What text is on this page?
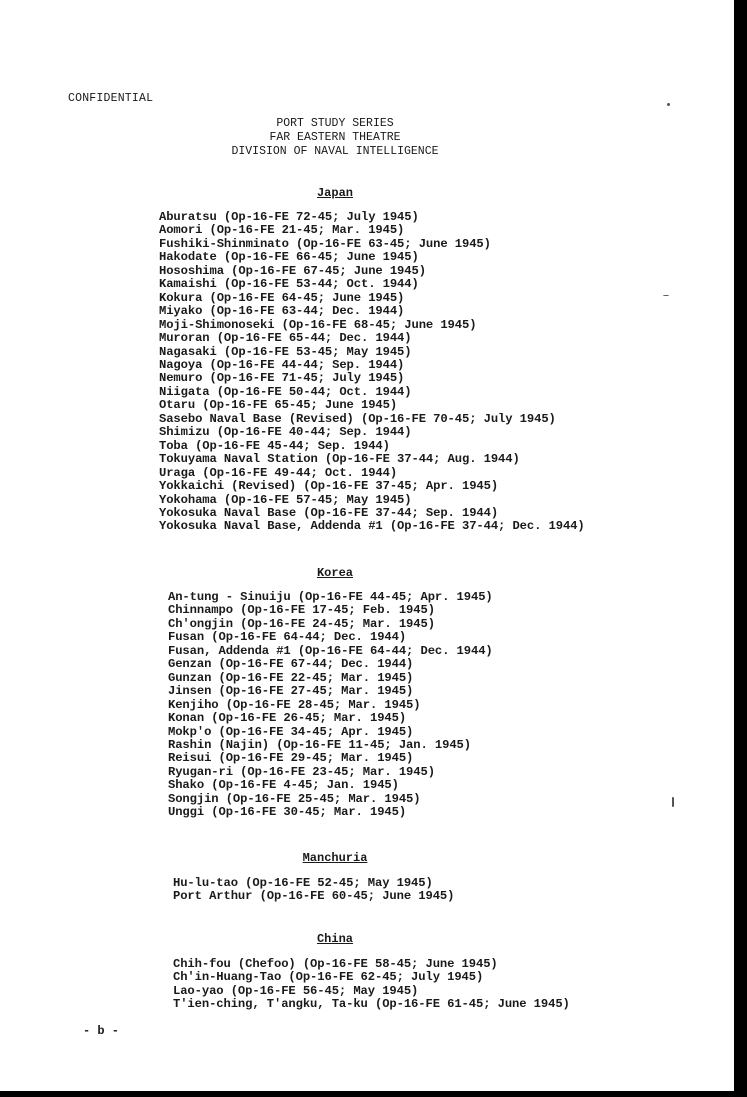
CONFIDENTIAL
PORT STUDY SERIES
FAR EASTERN THEATRE
DIVISION OF NAVAL INTELLIGENCE
Japan
Aburatsu (Op-16-FE 72-45; July 1945)
Aomori (Op-16-FE 21-45; Mar. 1945)
Fushiki-Shinminato (Op-16-FE 63-45; June 1945)
Hakodate (Op-16-FE 66-45; June 1945)
Hososhima (Op-16-FE 67-45; June 1945)
Kamaishi (Op-16-FE 53-44; Oct. 1944)
Kokura (Op-16-FE 64-45; June 1945)
Miyako (Op-16-FE 63-44; Dec. 1944)
Moji-Shimonoseki (Op-16-FE 68-45; June 1945)
Muroran (Op-16-FE 65-44; Dec. 1944)
Nagasaki (Op-16-FE 53-45; May 1945)
Nagoya (Op-16-FE 44-44; Sep. 1944)
Nemuro (Op-16-FE 71-45; July 1945)
Niigata (Op-16-FE 50-44; Oct. 1944)
Otaru (Op-16-FE 65-45; June 1945)
Sasebo Naval Base (Revised) (Op-16-FE 70-45; July 1945)
Shimizu (Op-16-FE 40-44; Sep. 1944)
Toba (Op-16-FE 45-44; Sep. 1944)
Tokuyama Naval Station (Op-16-FE 37-44; Aug. 1944)
Uraga (Op-16-FE 49-44; Oct. 1944)
Yokkaichi (Revised) (Op-16-FE 37-45; Apr. 1945)
Yokohama (Op-16-FE 57-45; May 1945)
Yokosuka Naval Base (Op-16-FE 37-44; Sep. 1944)
Yokosuka Naval Base, Addenda #1 (Op-16-FE 37-44; Dec. 1944)
Korea
An-tung - Sinuiju (Op-16-FE 44-45; Apr. 1945)
Chinnampo (Op-16-FE 17-45; Feb. 1945)
Ch'ongjin (Op-16-FE 24-45; Mar. 1945)
Fusan (Op-16-FE 64-44; Dec. 1944)
Fusan, Addenda #1 (Op-16-FE 64-44; Dec. 1944)
Genzan (Op-16-FE 67-44; Dec. 1944)
Gunzan (Op-16-FE 22-45; Mar. 1945)
Jinsen (Op-16-FE 27-45; Mar. 1945)
Kenjiho (Op-16-FE 28-45; Mar. 1945)
Konan (Op-16-FE 26-45; Mar. 1945)
Mokp'o (Op-16-FE 34-45; Apr. 1945)
Rashin (Najin) (Op-16-FE 11-45; Jan. 1945)
Reisui (Op-16-FE 29-45; Mar. 1945)
Ryugan-ri (Op-16-FE 23-45; Mar. 1945)
Shako (Op-16-FE 4-45; Jan. 1945)
Songjin (Op-16-FE 25-45; Mar. 1945)
Unggi (Op-16-FE 30-45; Mar. 1945)
Manchuria
Hu-lu-tao (Op-16-FE 52-45; May 1945)
Port Arthur (Op-16-FE 60-45; June 1945)
China
Chih-fou (Chefoo) (Op-16-FE 58-45; June 1945)
Ch'in-Huang-Tao (Op-16-FE 62-45; July 1945)
Lao-yao (Op-16-FE 56-45; May 1945)
T'ien-ching, T'angku, Ta-ku (Op-16-FE 61-45; June 1945)
- b -
